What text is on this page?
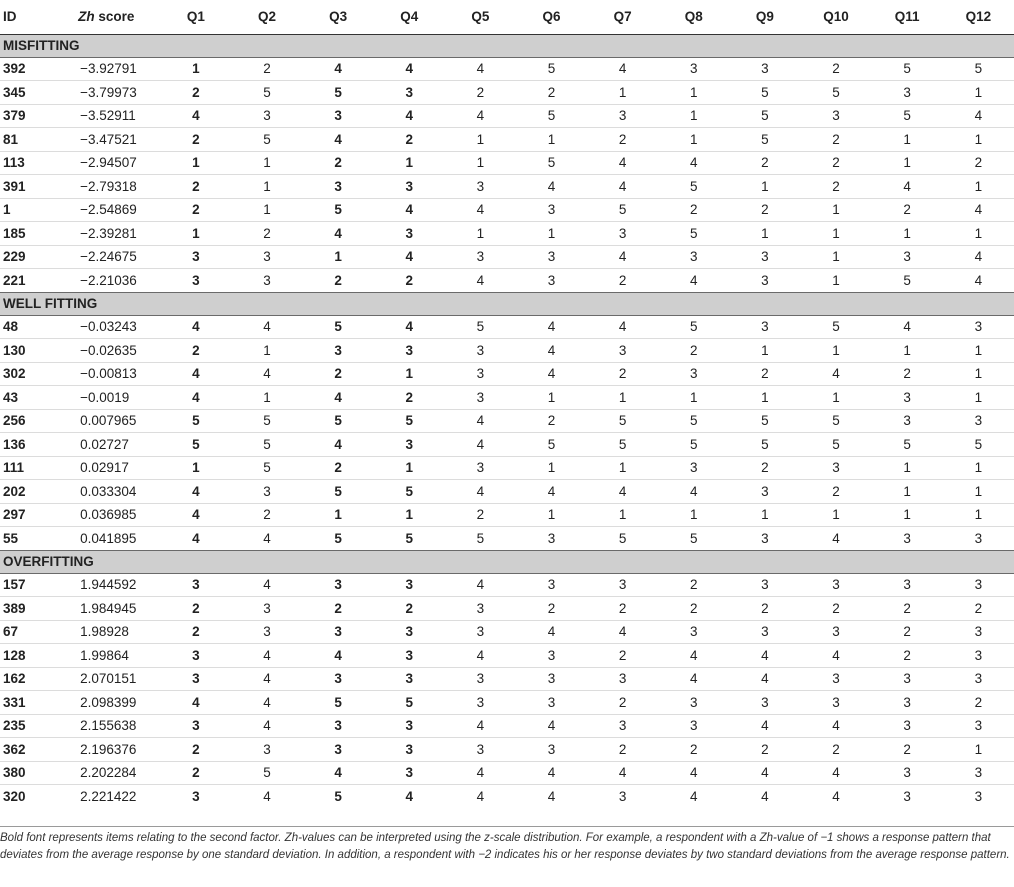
ID	Zh score	Q1	Q2	Q3	Q4	Q5	Q6	Q7	Q8	Q9	Q10	Q11	Q12
MISFITTING													
392	−3.92791	1	2	4	4	4	5	4	3	3	2	5	5
345	−3.79973	2	5	5	3	2	2	1	1	5	5	3	1
379	−3.52911	4	3	3	4	4	5	3	1	5	3	5	4
81	−3.47521	2	5	4	2	1	1	2	1	5	2	1	1
113	−2.94507	1	1	2	1	1	5	4	4	2	2	1	2
391	−2.79318	2	1	3	3	3	4	4	5	1	2	4	1
1	−2.54869	2	1	5	4	4	3	5	2	2	1	2	4
185	−2.39281	1	2	4	3	1	1	3	5	1	1	1	1
229	−2.24675	3	3	1	4	3	3	4	3	3	1	3	4
221	−2.21036	3	3	2	2	4	3	2	4	3	1	5	4
WELL FITTING													
48	−0.03243	4	4	5	4	5	4	4	5	3	5	4	3
130	−0.02635	2	1	3	3	3	4	3	2	1	1	1	1
302	−0.00813	4	4	2	1	3	4	2	3	2	4	2	1
43	−0.0019	4	1	4	2	3	1	1	1	1	1	3	1
256	0.007965	5	5	5	5	4	2	5	5	5	5	3	3
136	0.02727	5	5	4	3	4	5	5	5	5	5	5	5
111	0.02917	1	5	2	1	3	1	1	3	2	3	1	1
202	0.033304	4	3	5	5	4	4	4	4	3	2	1	1
297	0.036985	4	2	1	1	2	1	1	1	1	1	1	1
55	0.041895	4	4	5	5	5	3	5	5	3	4	3	3
OVERFITTING													
157	1.944592	3	4	3	3	4	3	3	2	3	3	3	3
389	1.984945	2	3	2	2	3	2	2	2	2	2	2	2
67	1.98928	2	3	3	3	3	4	4	3	3	3	2	3
128	1.99864	3	4	4	3	4	3	2	4	4	4	2	3
162	2.070151	3	4	3	3	3	3	3	4	4	3	3	3
331	2.098399	4	4	5	5	3	3	2	3	3	3	3	2
235	2.155638	3	4	3	3	4	4	3	3	4	4	3	3
362	2.196376	2	3	3	3	3	3	2	2	2	2	2	1
380	2.202284	2	5	4	3	4	4	4	4	4	4	3	3
320	2.221422	3	4	5	4	4	4	3	4	4	4	3	3
Bold font represents items relating to the second factor. Zh-values can be interpreted using the z-scale distribution. For example, a respondent with a Zh-value of −1 shows a response pattern that deviates from the average response by one standard deviation. In addition, a respondent with −2 indicates his or her response deviates by two standard deviations from the average response pattern.
